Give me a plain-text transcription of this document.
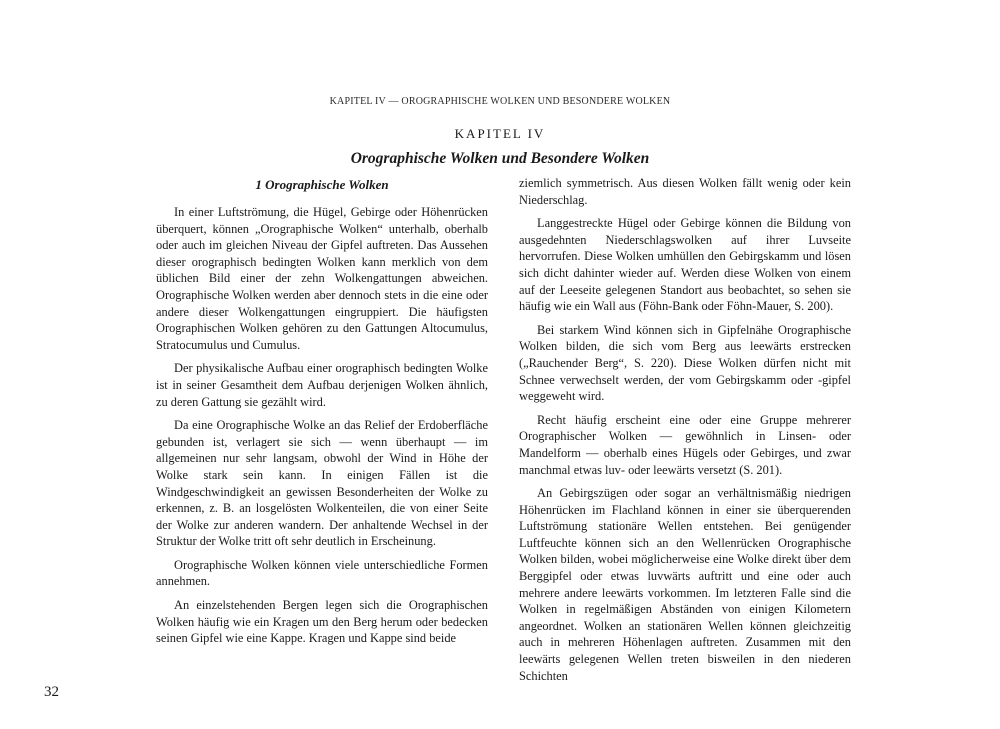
KAPITEL IV — OROGRAPHISCHE WOLKEN UND BESONDERE WOLKEN
KAPITEL IV
Orographische Wolken und Besondere Wolken
1 Orographische Wolken

In einer Luftströmung, die Hügel, Gebirge oder Höhenrücken überquert, können „Orographische Wolken“ unterhalb, oberhalb oder auch im gleichen Niveau der Gipfel auftreten. Das Aussehen dieser orographisch bedingten Wolken kann merklich von dem üblichen Bild einer der zehn Wolkengattungen abweichen. Orographische Wolken werden aber dennoch stets in die eine oder andere dieser Wolkengattungen eingruppiert. Die häufigsten Orographischen Wolken gehören zu den Gattungen Altocumulus, Stratocumulus und Cumulus.

Der physikalische Aufbau einer orographisch bedingten Wolke ist in seiner Gesamtheit dem Aufbau derjenigen Wolken ähnlich, zu deren Gattung sie gezählt wird.

Da eine Orographische Wolke an das Relief der Erdoberfläche gebunden ist, verlagert sie sich — wenn überhaupt — im allgemeinen nur sehr langsam, obwohl der Wind in Höhe der Wolke stark sein kann. In einigen Fällen ist die Windgeschwindigkeit an gewissen Besonderheiten der Wolke zu erkennen, z. B. an losgelösten Wolkenteilen, die von einer Seite der Wolke zur anderen wandern. Der anhaltende Wechsel in der Struktur der Wolke tritt oft sehr deutlich in Erscheinung.

Orographische Wolken können viele unterschiedliche Formen annehmen.

An einzelstehenden Bergen legen sich die Orographischen Wolken häufig wie ein Kragen um den Berg herum oder bedecken seinen Gipfel wie eine Kappe. Kragen und Kappe sind beide

ziemlich symmetrisch. Aus diesen Wolken fällt wenig oder kein Niederschlag.

Langgestreckte Hügel oder Gebirge können die Bildung von ausgedehnten Niederschlagswolken auf ihrer Luvseite hervorrufen. Diese Wolken umhüllen den Gebirgskamm und lösen sich dicht dahinter wieder auf. Werden diese Wolken von einem auf der Leeseite gelegenen Standort aus beobachtet, so sehen sie häufig wie ein Wall aus (Föhn-Bank oder Föhn-Mauer, S. 200).

Bei starkem Wind können sich in Gipfelnähe Orographische Wolken bilden, die sich vom Berg aus leewärts erstrecken („Rauchender Berg“, S. 220). Diese Wolken dürfen nicht mit Schnee verwechselt werden, der vom Gebirgskamm oder -gipfel weggeweht wird.

Recht häufig erscheint eine oder eine Gruppe mehrerer Orographischer Wolken — gewöhnlich in Linsen- oder Mandelform — oberhalb eines Hügels oder Gebirges, und zwar manchmal etwas luv- oder leewärts versetzt (S. 201).

An Gebirgszügen oder sogar an verhältnismäßig niedrigen Höhenrücken im Flachland können in einer sie überquerenden Luftströmung stationäre Wellen entstehen. Bei genügender Luftfeuchte können sich an den Wellenrücken Orographische Wolken bilden, wobei möglicherweise eine Wolke direkt über dem Berggipfel oder etwas luvwärts auftritt und eine oder auch mehrere andere leewärts vorkommen. Im letzteren Falle sind die Wolken in regelmäßigen Abständen von einigen Kilometern angeordnet. Wolken an stationären Wellen können gleichzeitig auch in mehreren Höhenlagen auftreten. Zusammen mit den leewärts gelegenen Wellen treten bisweilen in den niederen Schichten

32
